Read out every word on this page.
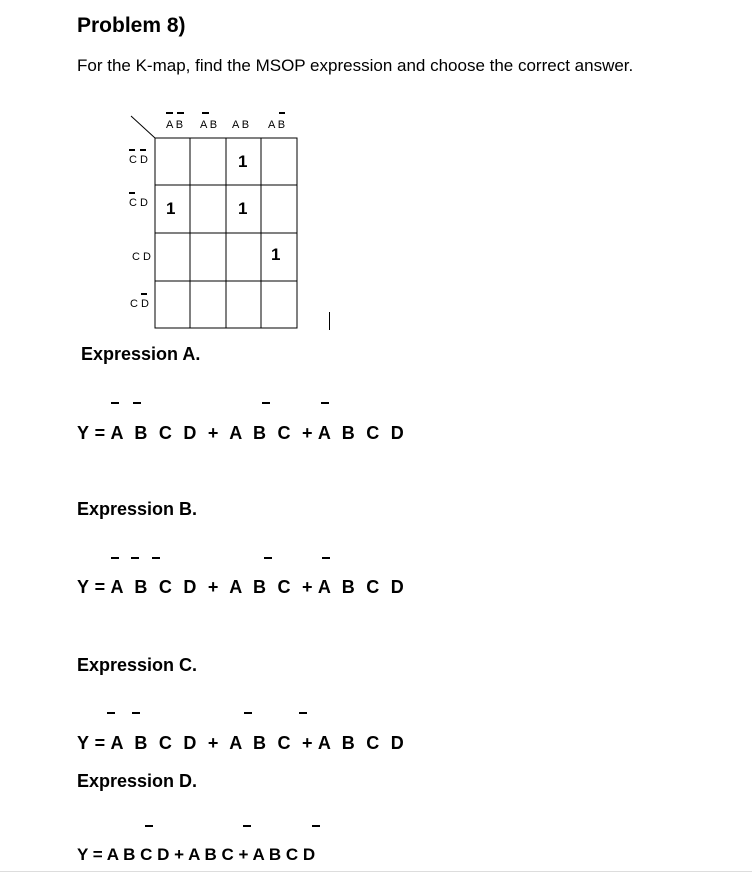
Problem 8)
For the K-map, find the MSOP expression and choose the correct answer.
A B A B A B A B
C D
C D
C D
C D
1
1	1
1
Expression A.
Y = A  B  C  D  +  A  B  C  + A  B  C  D
Expression B.
Y = A  B  C  D  +  A  B  C  + A  B  C  D
Expression C.
Y = A  B  C  D  +  A  B  C  + A  B  C  D
Expression D.
Y = A B C D + A B C + A B C D
